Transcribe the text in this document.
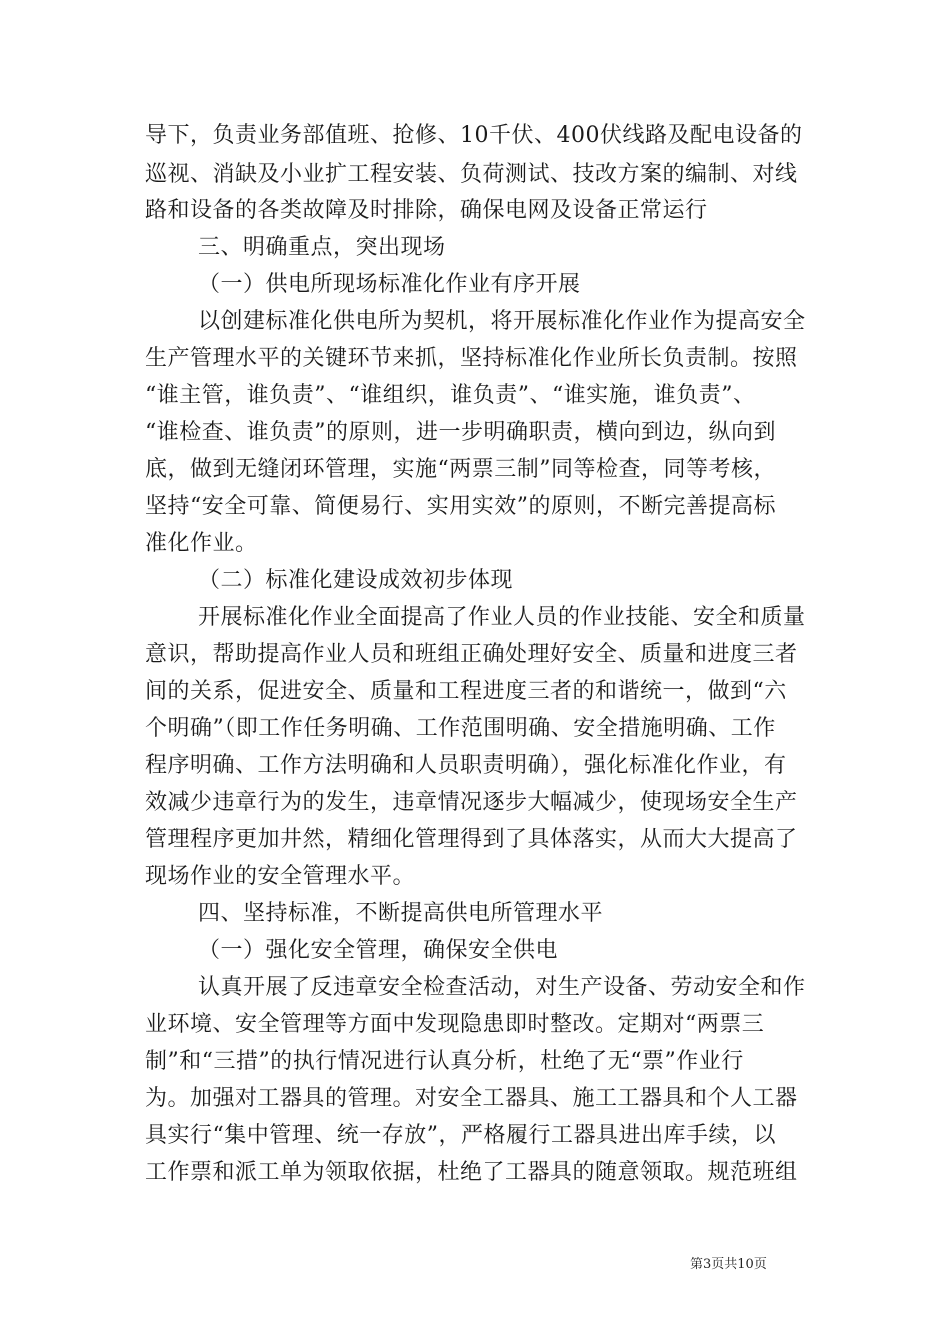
导下，负责业务部值班、抢修、10千伏、400伏线路及配电设备的
巡视、消缺及小业扩工程安装、负荷测试、技改方案的编制、对线
路和设备的各类故障及时排除，确保电网及设备正常运行
三、明确重点，突出现场
（一）供电所现场标准化作业有序开展
以创建标准化供电所为契机，将开展标准化作业作为提高安全
生产管理水平的关键环节来抓，坚持标准化作业所长负责制。按照
“谁主管，谁负责”、“谁组织，谁负责”、“谁实施，谁负责”、
“谁检查、谁负责”的原则，进一步明确职责，横向到边，纵向到
底，做到无缝闭环管理，实施“两票三制”同等检查，同等考核，
坚持“安全可靠、简便易行、实用实效”的原则，不断完善提高标
准化作业。
（二）标准化建设成效初步体现
开展标准化作业全面提高了作业人员的作业技能、安全和质量
意识，帮助提高作业人员和班组正确处理好安全、质量和进度三者
间的关系，促进安全、质量和工程进度三者的和谐统一，做到“六
个明确”（即工作任务明确、工作范围明确、安全措施明确、工作
程序明确、工作方法明确和人员职责明确），强化标准化作业，有
效减少违章行为的发生，违章情况逐步大幅减少，使现场安全生产
管理程序更加井然，精细化管理得到了具体落实，从而大大提高了
现场作业的安全管理水平。
四、坚持标准，不断提高供电所管理水平
（一）强化安全管理，确保安全供电
认真开展了反违章安全检查活动，对生产设备、劳动安全和作
业环境、安全管理等方面中发现隐患即时整改。定期对“两票三
制”和“三措”的执行情况进行认真分析，杜绝了无“票”作业行
为。加强对工器具的管理。对安全工器具、施工工器具和个人工器
具实行“集中管理、统一存放”，严格履行工器具进出库手续，以
工作票和派工单为领取依据，杜绝了工器具的随意领取。规范班组
第3页共10页
